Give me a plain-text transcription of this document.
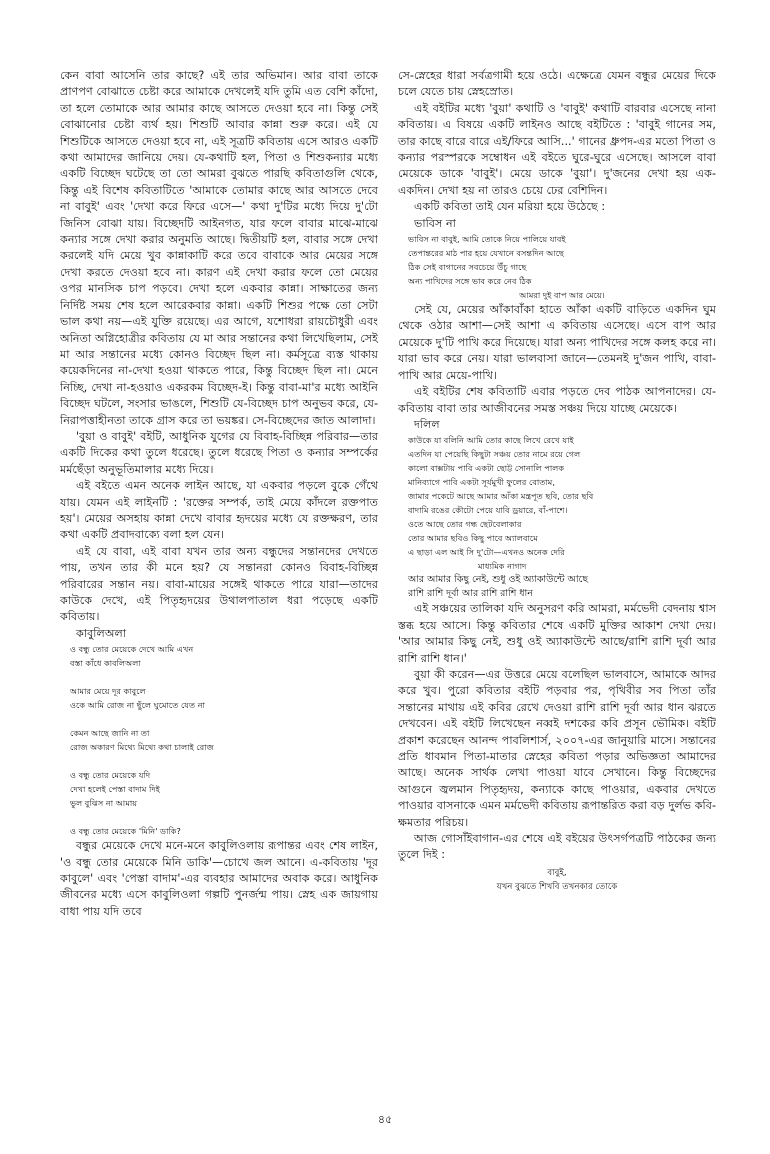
কেন বাবা আসেনি তার কাছে? এই তার অভিমান। আর বাবা তাকে প্রাণপণ বোঝাতে চেষ্টা করে আমাকে দেখলেই যদি তুমি এত বেশি কাঁদো, তা হলে তোমাকে আর আমার কাছে আসতে দেওয়া হবে না। কিন্তু সেই বোঝানোর চেষ্টা ব্যর্থ হয়। শিশুটি আবার কান্না শুরু করে। এই যে শিশুটিকে আসতে দেওয়া হবে না, এই সূত্রটি কবিতায় এসে আরও একটি কথা আমাদের জানিয়ে দেয়। যে-কথাটি হল, পিতা ও শিশুকন্যার মধ্যে একটি বিচ্ছেদ ঘটেছে তা তো আমরা বুঝতে পারছি কবিতাগুলি থেকে, কিন্তু এই বিশেষ কবিতাটিতে 'আমাকে তোমার কাছে আর আসতে দেবে না বাবুই' এবং 'দেখা করে ফিরে এসে—' কথা দু'টির মধ্যে দিয়ে দু'টো জিনিস বোঝা যায়। বিচ্ছেদটি আইনগত, যার ফলে বাবার মাঝে-মাঝে কন্যার সঙ্গে দেখা করার অনুমতি আছে। দ্বিতীয়টি হল, বাবার সঙ্গে দেখা করলেই যদি মেয়ে খুব কান্নাকাটি করে তবে বাবাকে আর মেয়ের সঙ্গে দেখা করতে দেওয়া হবে না। কারণ এই দেখা করার ফলে তো মেয়ের ওপর মানসিক চাপ পড়বে। দেখা হলে একবার কান্না। সাক্ষাতের জন্য নির্দিষ্ট সময় শেষ হলে আরেকবার কান্না। একটি শিশুর পক্ষে তো সেটা ভাল কথা নয়—এই যুক্তি রয়েছে। এর আগে, যশোধরা রায়চৌধুরী এবং অনিতা অগ্নিহোত্রীর কবিতায় যে মা আর সন্তানের কথা লিখেছিলাম, সেই মা আর সন্তানের মধ্যে কোনও বিচ্ছেদ ছিল না। কর্মসূত্রে ব্যস্ত থাকায় কয়েকদিনের না-দেখা হওয়া থাকতে পারে, কিন্তু বিচ্ছেদ ছিল না। মেনে নিচ্ছি, দেখা না-হওয়াও একরকম বিচ্ছেদ-ই। কিন্তু বাবা-মা'র মধ্যে আইনি বিচ্ছেদ ঘটলে, সংসার ভাঙলে, শিশুটি যে-বিচ্ছেদ চাপ অনুভব করে, যে-নিরাপত্তাহীনতা তাকে গ্রাস করে তা ভয়ঙ্কর। সে-বিচ্ছেদের জাত আলাদা।

'বুয়া ও বাবুই' বইটি, আধুনিক যুগের যে বিবাহ-বিচ্ছিন্ন পরিবার—তার একটি দিকের কথা তুলে ধরেছে। তুলে ধরেছে পিতা ও কন্যার সম্পর্কের মর্মছেঁড়া অনুভূতিমালার মধ্যে দিয়ে।

এই বইতে এমন অনেক লাইন আছে, যা একবার পড়লে বুকে গেঁথে যায়। যেমন এই লাইনটি : 'রক্তের সম্পর্ক, তাই মেয়ে কাঁদলে রক্তপাত হয়'। মেয়ের অসহায় কান্না দেখে বাবার হৃদয়ের মধ্যে যে রক্তক্ষরণ, তার কথা একটি প্রবাদবাক্যে বলা হল যেন।

এই যে বাবা, এই বাবা যখন তার অন্য বন্ধুদের সন্তানদের দেখতে পায়, তখন তার কী মনে হয়? যে সন্তানরা কোনও বিবাহ-বিচ্ছিন্ন পরিবারের সন্তান নয়। বাবা-মায়ের সঙ্গেই থাকতে পারে যারা—তাদের কাউকে দেখে, এই পিতৃহৃদয়ের উথালপাতাল ধরা পড়েছে একটি কবিতায়।

কাবুলিঅলা

ও বন্ধু তোর মেয়েকে দেখে আমি এখন
বস্তা কাঁধে কাবলিঅলা
আমার মেয়ে দূর কাবুলে
ওকে আমি রোজ না ছুঁলে ঘুমোতে যেত না
কেমন আছে জানি না তা
রোজ অকারণ মিথ্যে মিথ্যে কথা চালাই রোজ
ও বন্ধু তোর মেয়েকে যদি
দেখা হলেই পেস্তা বাদাম দিই
ভুল বুঝিস না আমায়
ও বন্ধু তোর মেয়েকে 'মিনি' ডাকি?

বন্ধুর মেয়েকে দেখে মনে-মনে কাবুলিওলায় রূপান্তর এবং শেষ লাইন, 'ও বন্ধু তোর মেয়েকে মিনি ডাকি'—চোখে জল আনে। এ-কবিতায় 'দূর কাবুলে' এবং 'পেস্তা বাদাম'-এর ব্যবহার আমাদের অবাক করে। আধুনিক জীবনের মধ্যে এসে কাবুলিওলা গল্পটি পুনর্জন্ম পায়। স্নেহ এক জায়গায় বাধা পায় যদি তবে

সে-স্নেহের ধারা সর্বত্রগামী হয়ে ওঠে। এক্ষেত্রে যেমন বন্ধুর মেয়ের দিকে চলে যেতে চায় স্নেহস্রোত।

এই বইটির মধ্যে 'বুয়া' কথাটি ও 'বাবুই' কথাটি বারবার এসেছে নানা কবিতায়। এ বিষয়ে একটি লাইনও আছে বইটিতে : 'বাবুই গানের সম, তার কাছে বারে বারে এই/ফিরে আসি...' গানের ধ্রুপদ-এর মতো পিতা ও কন্যার পরস্পরকে সম্বোধন এই বইতে ঘুরে-ঘুরে এসেছে। আসলে বাবা মেয়েকে ডাকে 'বাবুই'। মেয়ে ডাকে 'বুয়া'। দু'জনের দেখা হয় এক-একদিন। দেখা হয় না তারও চেয়ে ঢের বেশিদিন।

একটি কবিতা তাই যেন মরিয়া হয়ে উঠেছে :

ভাবিস না

ভাবিস না বাবুই, আমি তোকে নিয়ে পালিয়ে যাবই
তেপান্তরের মাঠ পার হয়ে যেখানে বসন্তদিন আছে
ঠিক সেই বাগানের সবচেয়ে উঁচু গাছে
অন্য পাখিদের সঙ্গে ভাব করে নেব ঠিক
আমরা দুই বাপ আর মেয়ে।

সেই যে, মেয়ের আঁকাবাঁকা হাতে আঁকা একটি বাড়িতে একদিন ঘুম থেকে ওঠার আশা—সেই আশা এ কবিতায় এসেছে। এসে বাপ আর মেয়েকে দু'টি পাখি করে দিয়েছে। যারা অন্য পাখিদের সঙ্গে কলহ করে না। যারা ভাব করে নেয়। যারা ভালবাসা জানে—তেমনই দু'জন পাখি, বাবা-পাখি আর মেয়ে-পাখি।

এই বইটির শেষ কবিতাটি এবার পড়তে দেব পাঠক আপনাদের। যে-কবিতায় বাবা তার আজীবনের সমস্ত সঞ্চয় দিয়ে যাচ্ছে মেয়েকে।

দলিল

কাউকে যা বলিনি আমি তোর কাছে লিখে রেখে যাই
এতদিন যা পেয়েছি কিছুটা সঞ্চয় তোর নামে রয়ে গেল
কালো বাক্সটায় পাবি একটা ছোট্ট সোনালি পালক
মানিব্যাগে পাবি একটা সূর্যমুখী ফুলের বোতাম,
জামার পকেটে আছে আমার আঁকা মন্ত্রপূত ছবি, তোর ছবি
বাদামি রঙের কৌটো পেয়ে যাবি ড্রয়ারে, বাঁ-পাশে।
ওতে আছে তোর গন্ধ ছেটবেলাকার
তোর আমার ছবিও কিছু পাবে অ্যালবামে
এ ছাড়া এল আই সি দু'টো—এখনও অনেক দেরি
মাধ্যমিক নাগাদ
আর আমার কিছু নেই, শুধু ওই অ্যাকাউন্টে আছে
রাশি রাশি দূর্বা আর রাশি রাশি ধান

এই সঞ্চয়ের তালিকা যদি অনুসরণ করি আমরা, মর্মভেদী বেদনায় শ্বাস স্তব্ধ হয়ে আসে। কিন্তু কবিতার শেষে একটি মুক্তির আকাশ দেখা দেয়। 'আর আমার কিছু নেই, শুধু ওই অ্যাকাউন্টে আছে/রাশি রাশি দূর্বা আর রাশি রাশি ধান।'

বুয়া কী করেন—এর উত্তরে মেয়ে বলেছিল ভালবাসে, আমাকে আদর করে খুব। পুরো কবিতার বইটি পড়বার পর, পৃথিবীর সব পিতা তাঁর সন্তানের মাথায় এই কবির রেখে দেওয়া রাশি রাশি দূর্বা আর ধান ঝরতে দেখবেন। এই বইটি লিখেছেন নব্বই দশকের কবি প্রসূন ভৌমিক। বইটি প্রকাশ করেছেন আনন্দ পাবলিশার্স, ২০০৭-এর জানুয়ারি মাসে। সন্তানের প্রতি ধাবমান পিতা-মাতার স্নেহের কবিতা পড়ার অভিজ্ঞতা আমাদের আছে। অনেক সার্থক লেখা পাওয়া যাবে সেখানে। কিন্তু বিচ্ছেদের আগুনে জ্বলমান পিতৃহৃদয়, কন্যাকে কাছে পাওয়ার, একবার দেখতে পাওয়ার বাসনাকে এমন মর্মভেদী কবিতায় রূপান্তরিত করা বড় দুর্লভ কবি-ক্ষমতার পরিচয়।

আজ গোসাঁইবাগান-এর শেষে এই বইয়ের উৎসর্গপত্রটি পাঠকের জন্য তুলে দিই :

বাবুই,
যখন বুঝতে শিখবি তখনকার তোকে
৪৫
